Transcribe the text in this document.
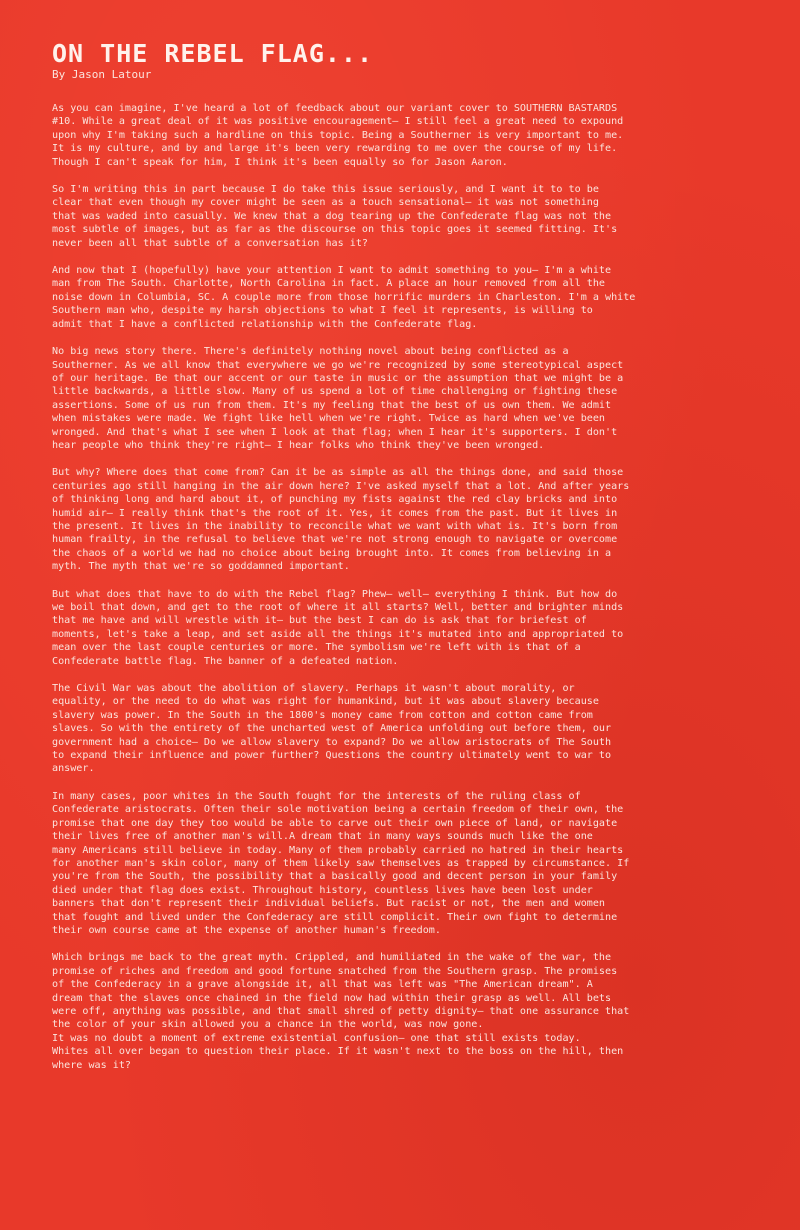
ON THE REBEL FLAG...

By Jason Latour

As you can imagine, I've heard a lot of feedback about our variant cover to SOUTHERN BASTARDS
#10. While a great deal of it was positive encouragement— I still feel a great need to expound
upon why I'm taking such a hardline on this topic. Being a Southerner is very important to me.
It is my culture, and by and large it's been very rewarding to me over the course of my life.
Though I can't speak for him, I think it's been equally so for Jason Aaron.

So I'm writing this in part because I do take this issue seriously, and I want it to to be
clear that even though my cover might be seen as a touch sensational— it was not something
that was waded into casually. We knew that a dog tearing up the Confederate flag was not the
most subtle of images, but as far as the discourse on this topic goes it seemed fitting. It's
never been all that subtle of a conversation has it?

And now that I (hopefully) have your attention I want to admit something to you— I'm a white
man from The South. Charlotte, North Carolina in fact. A place an hour removed from all the
noise down in Columbia, SC. A couple more from those horrific murders in Charleston. I'm a white
Southern man who, despite my harsh objections to what I feel it represents, is willing to
admit that I have a conflicted relationship with the Confederate flag.

No big news story there. There's definitely nothing novel about being conflicted as a
Southerner. As we all know that everywhere we go we're recognized by some stereotypical aspect
of our heritage. Be that our accent or our taste in music or the assumption that we might be a
little backwards, a little slow. Many of us spend a lot of time challenging or fighting these
assertions. Some of us run from them. It's my feeling that the best of us own them. We admit
when mistakes were made. We fight like hell when we're right. Twice as hard when we've been
wronged. And that's what I see when I look at that flag; when I hear it's supporters. I don't
hear people who think they're right— I hear folks who think they've been wronged.

But why? Where does that come from? Can it be as simple as all the things done, and said those
centuries ago still hanging in the air down here? I've asked myself that a lot. And after years
of thinking long and hard about it, of punching my fists against the red clay bricks and into
humid air— I really think that's the root of it. Yes, it comes from the past. But it lives in
the present. It lives in the inability to reconcile what we want with what is. It's born from
human frailty, in the refusal to believe that we're not strong enough to navigate or overcome
the chaos of a world we had no choice about being brought into. It comes from believing in a
myth. The myth that we're so goddamned important.

But what does that have to do with the Rebel flag? Phew— well— everything I think. But how do
we boil that down, and get to the root of where it all starts? Well, better and brighter minds
that me have and will wrestle with it— but the best I can do is ask that for briefest of
moments, let's take a leap, and set aside all the things it's mutated into and appropriated to
mean over the last couple centuries or more. The symbolism we're left with is that of a
Confederate battle flag. The banner of a defeated nation.

The Civil War was about the abolition of slavery. Perhaps it wasn't about morality, or
equality, or the need to do what was right for humankind, but it was about slavery because
slavery was power. In the South in the 1800's money came from cotton and cotton came from
slaves. So with the entirety of the uncharted west of America unfolding out before them, our
government had a choice— Do we allow slavery to expand? Do we allow aristocrats of The South
to expand their influence and power further? Questions the country ultimately went to war to
answer.

In many cases, poor whites in the South fought for the interests of the ruling class of
Confederate aristocrats. Often their sole motivation being a certain freedom of their own, the
promise that one day they too would be able to carve out their own piece of land, or navigate
their lives free of another man's will.A dream that in many ways sounds much like the one
many Americans still believe in today. Many of them probably carried no hatred in their hearts
for another man's skin color, many of them likely saw themselves as trapped by circumstance. If
you're from the South, the possibility that a basically good and decent person in your family
died under that flag does exist. Throughout history, countless lives have been lost under
banners that don't represent their individual beliefs. But racist or not, the men and women
that fought and lived under the Confederacy are still complicit. Their own fight to determine
their own course came at the expense of another human's freedom.

Which brings me back to the great myth. Crippled, and humiliated in the wake of the war, the
promise of riches and freedom and good fortune snatched from the Southern grasp. The promises
of the Confederacy in a grave alongside it, all that was left was "The American dream". A
dream that the slaves once chained in the field now had within their grasp as well. All bets
were off, anything was possible, and that small shred of petty dignity— that one assurance that
the color of your skin allowed you a chance in the world, was now gone.
It was no doubt a moment of extreme existential confusion— one that still exists today.
Whites all over began to question their place. If it wasn't next to the boss on the hill, then
where was it?
